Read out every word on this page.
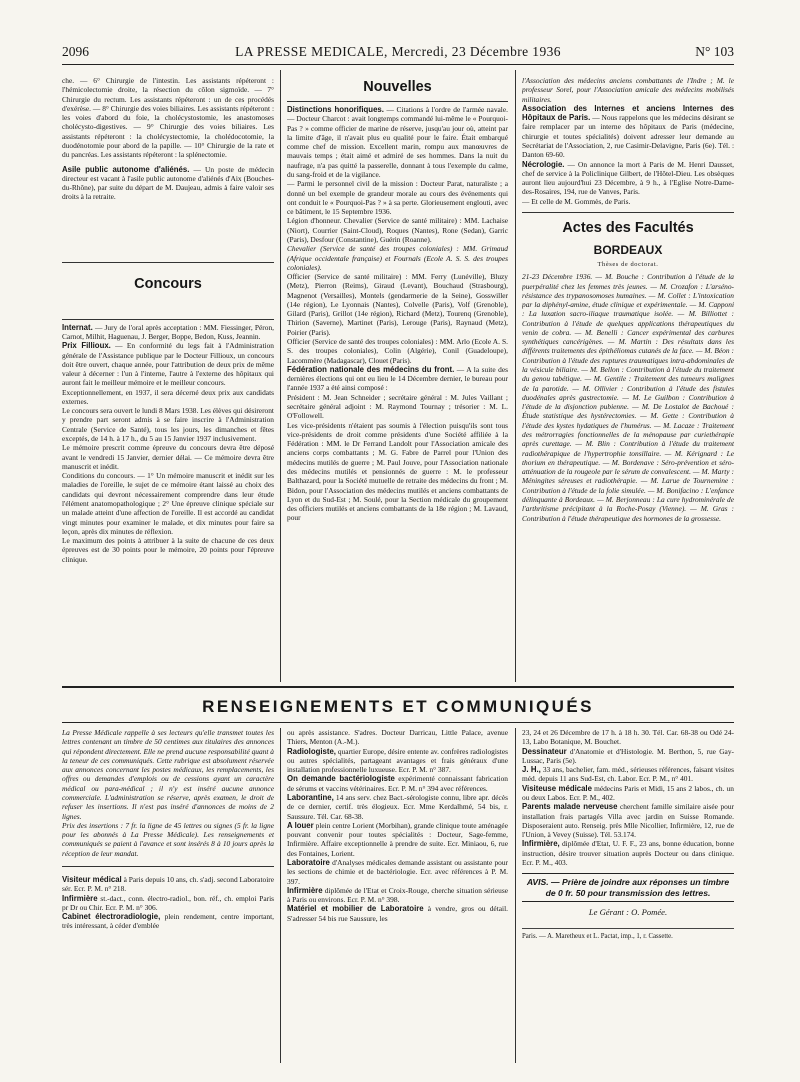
2096	LA PRESSE MEDICALE, Mercredi, 23 Décembre 1936	N° 103

che. — 6° Chirurgie de l'intestin. Les assistants répéteront : l'hémicolectomie droite, la résection du côlon sigmoïde. — 7° Chirurgie du rectum. Les assistants répéteront : un de ces procédés d'exérèse. — 8° Chirurgie des voies biliaires. Les assistants répéteront : les voies d'abord du foie, la cholécystostomie, les anastomoses cholécysto-digestives. — 9° Chirurgie des voies biliaires. Les assistants répéteront : la cholécystectomie, la cholédocotomie, la duodénotomie pour abord de la papille. — 10° Chirurgie de la rate et du pancréas. Les assistants répéteront : la splénectomie.

Asile public autonome d'aliénés. — Un poste de médecin directeur est vacant à l'asile public autonome d'aliénés d'Aix (Bouches-du-Rhône), par suite du départ de M. Daujeau, admis à faire valoir ses droits à la retraite.

Concours

Internat. — Jury de l'oral après acceptation : MM. Fiessinger, Péron, Carnot, Milhit, Haguenau, J. Berger, Boppe, Bedon, Kuss, Jeannin.

Prix Fillioux. — En conformité du legs fait à l'Administration générale de l'Assistance publique par le Docteur Fillioux, un concours doit être ouvert, chaque année, pour l'attribution de deux prix de même valeur à décerner : l'un à l'interne, l'autre à l'externe des hôpitaux qui auront fait le meilleur mémoire et le meilleur concours.

Exceptionnellement, en 1937, il sera décerné deux prix aux candidats externes.

Le concours sera ouvert le lundi 8 Mars 1938. Les élèves qui désireront y prendre part seront admis à se faire inscrire à l'Administration Centrale (Service de Santé), tous les jours, les dimanches et fêtes exceptés, de 14 h. à 17 h., du 5 au 15 Janvier 1937 inclusivement.

Le mémoire prescrit comme épreuve du concours devra être déposé avant le vendredi 15 Janvier, dernier délai. — Ce mémoire devra être manuscrit et inédit.

Conditions du concours. — 1° Un mémoire manuscrit et inédit sur les maladies de l'oreille, le sujet de ce mémoire étant laissé au choix des candidats qui devront nécessairement comprendre dans leur étude l'élément anatomopathologique ; 2° Une épreuve clinique spéciale sur un malade atteint d'une affection de l'oreille. Il est accordé au candidat vingt minutes pour examiner le malade, et dix minutes pour faire sa leçon, après dix minutes de réflexion.

Le maximum des points à attribuer à la suite de chacune de ces deux épreuves est de 30 points pour le mémoire, 20 points pour l'épreuve clinique.

Nouvelles

Distinctions honorifiques. — Citations à l'ordre de l'armée navale. — Docteur Charcot : avait longtemps commandé lui-même le « Pourquoi-Pas ? » comme officier de marine de réserve, jusqu'au jour où, atteint par la limite d'âge, il n'avait plus eu qualité pour le faire. Était embarqué comme chef de mission. Excellent marin, rompu aux manœuvres de mauvais temps ; était aimé et admiré de ses hommes. Dans la nuit du naufrage, n'a pas quitté la passerelle, donnant à tous l'exemple du calme, du sang-froid et de la vigilance.

— Parmi le personnel civil de la mission : Docteur Parat, naturaliste ; a donné un bel exemple de grandeur morale au cours des événements qui ont conduit le « Pourquoi-Pas ? » à sa perte. Glorieusement englouti, avec ce bâtiment, le 15 Septembre 1936.

Légion d'honneur. Chevalier (Service de santé militaire) : MM. Lachaise (Niort), Courrier (Saint-Cloud), Roques (Nantes), Rone (Sedan), Garric (Paris), Desfour (Constantine), Guérin (Roanne).

Chevalier (Service de santé des troupes coloniales) : MM. Grimaud (Afrique occidentale française) et Fournals (Ecole A. S. S. des troupes coloniales).

Officier (Service de santé militaire) : MM. Ferry (Lunéville), Bluzy (Metz), Pierron (Reims), Giraud (Levant), Bouchaud (Strasbourg), Magnenot (Versailles), Montels (gendarmerie de la Seine), Gosswiller (14e région), Le Lyonnais (Nantes), Colvelle (Paris), Volf (Grenoble), Gilard (Paris), Grillot (14e région), Richard (Metz), Tourenq (Grenoble), Thirion (Saverne), Martinet (Paris), Lerouge (Paris), Raynaud (Metz), Poirier (Paris).

Officier (Service de santé des troupes coloniales) : MM. Arlo (Ecole A. S. S. des troupes coloniales), Colin (Algérie), Conil (Guadeloupe), Lacommère (Madagascar), Clouet (Paris).

Fédération nationale des médecins du front. — A la suite des dernières élections qui ont eu lieu le 14 Décembre dernier, le bureau pour l'année 1937 a été ainsi composé :

Président : M. Jean Schneider ; secrétaire général : M. Jules Vaillant ; secrétaire général adjoint : M. Raymond Tournay ; trésorier : M. L. O'Followell.

Les vice-présidents n'étaient pas soumis à l'élection puisqu'ils sont tous vice-présidents de droit comme présidents d'une Société affiliée à la Fédération : MM. le Dr Ferrand Landolt pour l'Association amicale des anciens corps combattants ; M. G. Fabre de Parrel pour l'Union des médecins mutilés de guerre ; M. Paul Jouve, pour l'Association nationale des médecins mutilés et pensionnés de guerre : M. le professeur Balthazard, pour la Société mutuelle de retraite des médecins du front ; M. Bidon, pour l'Association des médecins mutilés et anciens combattants de Lyon et du Sud-Est ; M. Soulé, pour la Section médicale du groupement des officiers mutilés et anciens combattants de la 18e région ; M. Lavaud, pour

l'Association des médecins anciens combattants de l'Indre ; M. le professeur Sorel, pour l'Association amicale des médecins mobilisés militaires.

Association des Internes et anciens Internes des Hôpitaux de Paris. — Nous rappelons que les médecins désirant se faire remplacer par un interne des hôpitaux de Paris (médecine, chirurgie et toutes spécialités) doivent adresser leur demande au Secrétariat de l'Association, 2, rue Casimir-Delavigne, Paris (6e). Tél. : Danton 69-60.

Nécrologie. — On annonce la mort à Paris de M. Henri Dausset, chef de service à la Policlinique Gilbert, de l'Hôtel-Dieu. Les obsèques auront lieu aujourd'hui 23 Décembre, à 9 h., à l'Eglise Notre-Dame-des-Rosaires, 194, rue de Vanves, Paris.

— Et celle de M. Gommès, de Paris.

Actes des Facultés
BORDEAUX
Thèses de doctorat.

21-23 Décembre 1936. — M. Bouche : Contribution à l'étude de la puerpéralité chez les femmes très jeunes. — M. Crozafon : L'arséno-résistance des trypanosomoses humaines. — M. Collet : L'intoxication par la diphényl-amine, étude clinique et expérimentale. — M. Capponi : La luxation sacro-iliaque traumatique isolée. — M. Billiottet : Contribution à l'étude de quelques applications thérapeutiques du venin de cobra. — M. Benelli : Cancer expérimental des carbures synthétiques cancérigènes. — M. Martin : Des résultats dans les différents traitements des épithéliomas cutanés de la face. — M. Béon : Contribution à l'étude des ruptures traumatiques intra-abdominales de la vésicule biliaire. — M. Bellon : Contribution à l'étude du traitement du genou tabétique. — M. Gentile : Traitement des tumeurs malignes de la parotide. — M. Ollivier : Contribution à l'étude des fistules duodénales après gastrectomie. — M. Le Guilbon : Contribution à l'étude de la disjonction pubienne. — M. De Lostalot de Bachoué : Étude statistique des hystérectomies. — M. Gette : Contribution à l'étude des kystes hydatiques de l'humérus. — M. Lacaze : Traitement des métrorragies fonctionnelles de la ménopause par curiethérapie après curettage. — M. Blin : Contribution à l'étude du traitement radiothérapique de l'hypertrophie tonsillaire. — M. Kérignard : Le thorium en thérapeutique. — M. Bordenave : Séro-prévention et séro-atténuation de la rougeole par le sérum de convalescent. — M. Marty : Méningites séreuses et radiothérapie. — M. Larue de Tournemine : Contribution à l'étude de la folie simulée. — M. Bonifacino : L'enfance délinquante à Bordeaux. — M. Berjonneau : La cure hydrominérale de l'arthritisme précipitant à la Roche-Posay (Vienne). — M. Gras : Contribution à l'étude thérapeutique des hormones de la grossesse.

RENSEIGNEMENTS ET COMMUNIQUÉS

La Presse Médicale rappelle à ses lecteurs qu'elle transmet toutes les lettres contenant un timbre de 50 centimes aux titulaires des annonces qui répondent directement. Elle ne prend aucune responsabilité quant à la teneur de ces communiqués. Cette rubrique est absolument réservée aux annonces concernant les postes médicaux, les remplacements, les offres ou demandes d'emplois ou de cessions ayant un caractère médical ou para-médical ; il n'y est inséré aucune annonce commerciale. L'administration se réserve, après examen, le droit de refuser les insertions. Il n'est pas inséré d'annonces de moins de 2 lignes.

Prix des insertions : 7 fr. la ligne de 45 lettres ou signes (5 fr. la ligne pour les abonnés à La Presse Médicale). Les renseignements et communiqués se paient à l'avance et sont insérés 8 à 10 jours après la réception de leur mandat.

Visiteur médical à Paris depuis 10 ans, ch. s'adj. second Laboratoire sér. Ecr. P. M. n° 218.

Infirmière st.-dact., conn. électro-radiol., bon. réf., ch. emploi Paris pr Dr ou Chir. Ecr. P. M. n° 306.

Cabinet électroradiologie, plein rendement, centre important, très intéressant, à céder d'emblée

ou après assistance. S'adres. Docteur Darricau, Little Palace, avenue Thiers, Menton (A.-M.).

Radiologiste, quartier Europe, désire entente av. confrères radiologistes ou autres spécialités, partageant avantages et frais généraux d'une installation professionnelle luxueuse. Ecr. P. M. n° 387.

On demande bactériologiste expérimenté connaissant fabrication de sérums et vaccins vétérinaires. Ecr. P. M. n° 394 avec références.

Laborantine, 14 ans serv. chez Bact.-sérologiste connu, libre apr. décès de ce dernier, certif. très élogieux. Ecr. Mme Kerdalhmé, 54 bis, r. Saussure. Tél. Car. 68-38.

A louer plein centre Lorient (Morbihan), grande clinique toute aménagée pouvant convenir pour toutes spécialités : Docteur, Sage-femme, Infirmière. Affaire exceptionnelle à prendre de suite. Ecr. Miniaou, 6, rue des Fontaines, Lorient.

Laboratoire d'Analyses médicales demande assistant ou assistante pour les sections de chimie et de bactériologie. Ecr. avec références à P. M. 397.

Infirmière diplômée de l'Etat et Croix-Rouge, cherche situation sérieuse à Paris ou environs. Ecr. P. M. n° 398.

Matériel et mobilier de Laboratoire à vendre, gros ou détail. S'adresser 54 bis rue Saussure, les

23, 24 et 26 Décembre de 17 h. à 18 h. 30. Tél. Car. 68-38 ou Odé 24-13, Labo Botanique, M. Bouchet.

Dessinateur d'Anatomie et d'Histologie. M. Berthon, 5, rue Gay-Lussac, Paris (5e).

J. H., 33 ans, bachelier, fam. méd., sérieuses références, faisant visites méd. depuis 11 ans Sud-Est, ch. Labor. Ecr. P. M., n° 401.

Visiteuse médicale médecins Paris et Midi, 15 ans 2 labos., ch. un ou deux Labos. Ecr. P. M., 402.

Parents malade nerveuse cherchent famille similaire aisée pour installation frais partagés Villa avec jardin en Suisse Romande. Disposeraient auto. Renseig. près Mlle Nicollier, Infirmière, 12, rue de l'Union, à Vevey (Suisse). Tél. 53.174.

Infirmière, diplômée d'Etat, U. F. F., 23 ans, bonne éducation, bonne instruction, désire trouver situation auprès Docteur ou dans clinique. Ecr. P. M., 403.

AVIS. — Prière de joindre aux réponses un timbre de 0 fr. 50 pour transmission des lettres.
Le Gérant : O. Pomée.
Paris. — A. Maretheux et L. Pactat, imp., 1, r. Cassette.
